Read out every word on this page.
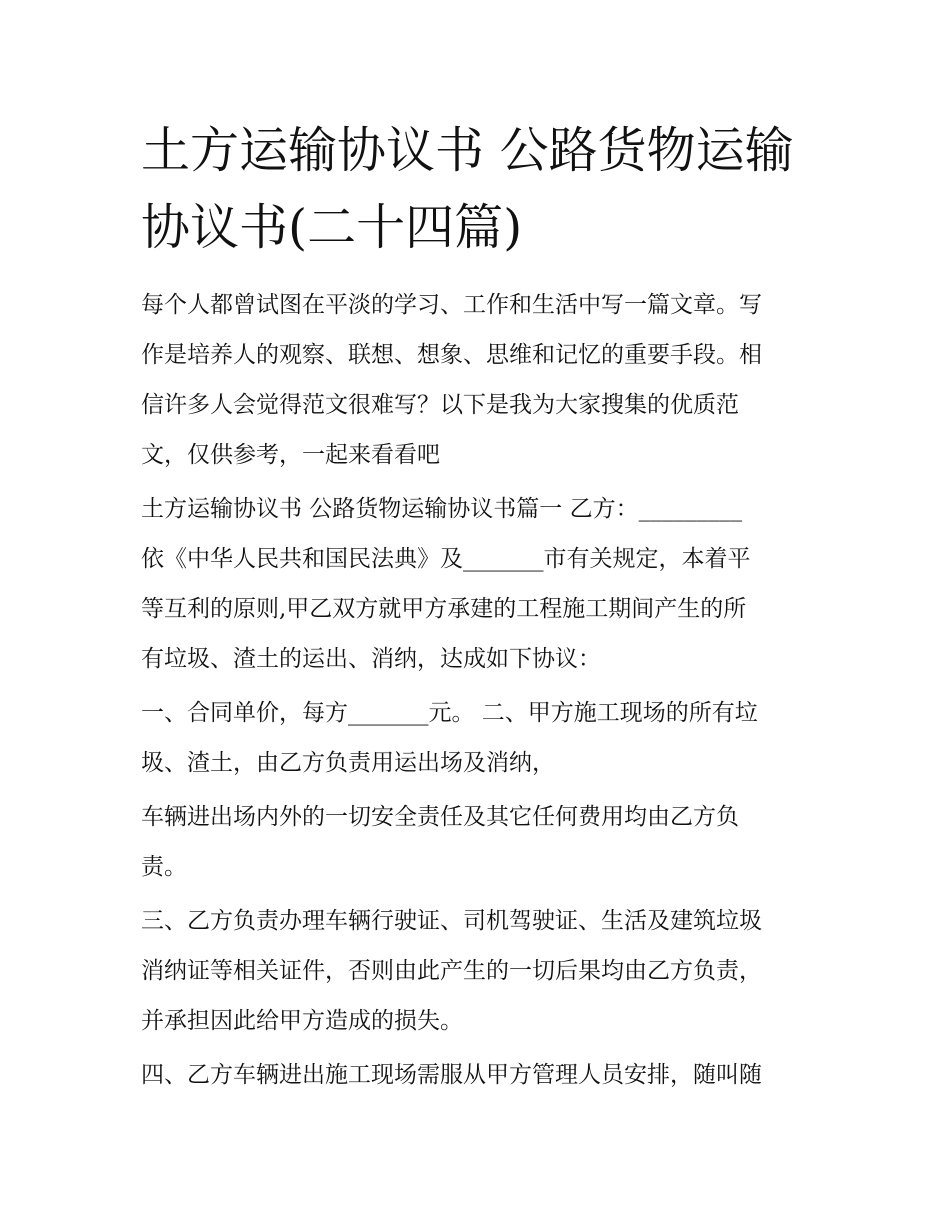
土方运输协议书 公路货物运输
协议书(二十四篇)
每个人都曾试图在平淡的学习、工作和生活中写一篇文章。写
作是培养人的观察、联想、想象、思维和记忆的重要手段。相
信许多人会觉得范文很难写？以下是我为大家搜集的优质范
文，仅供参考，一起来看看吧
土方运输协议书 公路货物运输协议书篇一 乙方：_________
依《中华人民共和国民法典》及_______市有关规定，本着平
等互利的原则,甲乙双方就甲方承建的工程施工期间产生的所
有垃圾、渣土的运出、消纳，达成如下协议：
一、合同单价，每方_______元。 二、甲方施工现场的所有垃
圾、渣土，由乙方负责用运出场及消纳，
车辆进出场内外的一切安全责任及其它任何费用均由乙方负
责。
三、乙方负责办理车辆行驶证、司机驾驶证、生活及建筑垃圾
消纳证等相关证件，否则由此产生的一切后果均由乙方负责，
并承担因此给甲方造成的损失。
四、乙方车辆进出施工现场需服从甲方管理人员安排，随叫随
